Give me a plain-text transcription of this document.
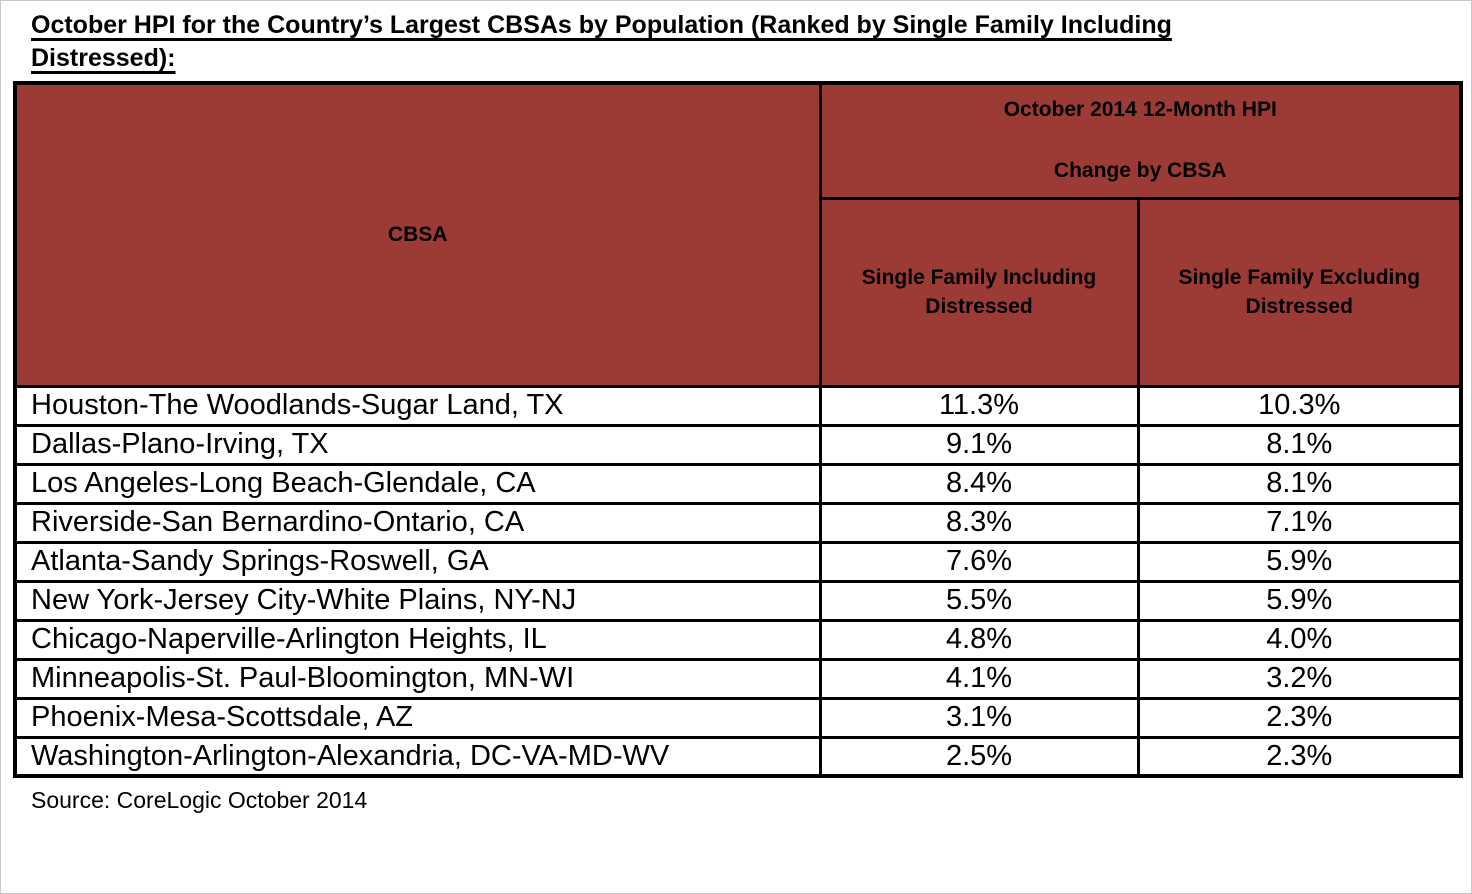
October HPI for the Country’s Largest CBSAs by Population (Ranked by Single Family Including
Distressed):
CBSA	October 2014 12-Month HPI
Change by CBSA	

	Single Family Including Distressed	Single Family Excluding Distressed
Houston-The Woodlands-Sugar Land, TX	11.3%	10.3%
Dallas-Plano-Irving, TX	9.1%	8.1%
Los Angeles-Long Beach-Glendale, CA	8.4%	8.1%
Riverside-San Bernardino-Ontario, CA	8.3%	7.1%
Atlanta-Sandy Springs-Roswell, GA	7.6%	5.9%
New York-Jersey City-White Plains, NY-NJ	5.5%	5.9%
Chicago-Naperville-Arlington Heights, IL	4.8%	4.0%
Minneapolis-St. Paul-Bloomington, MN-WI	4.1%	3.2%
Phoenix-Mesa-Scottsdale, AZ	3.1%	2.3%
Washington-Arlington-Alexandria, DC-VA-MD-WV	2.5%	2.3%
Source: CoreLogic October 2014
